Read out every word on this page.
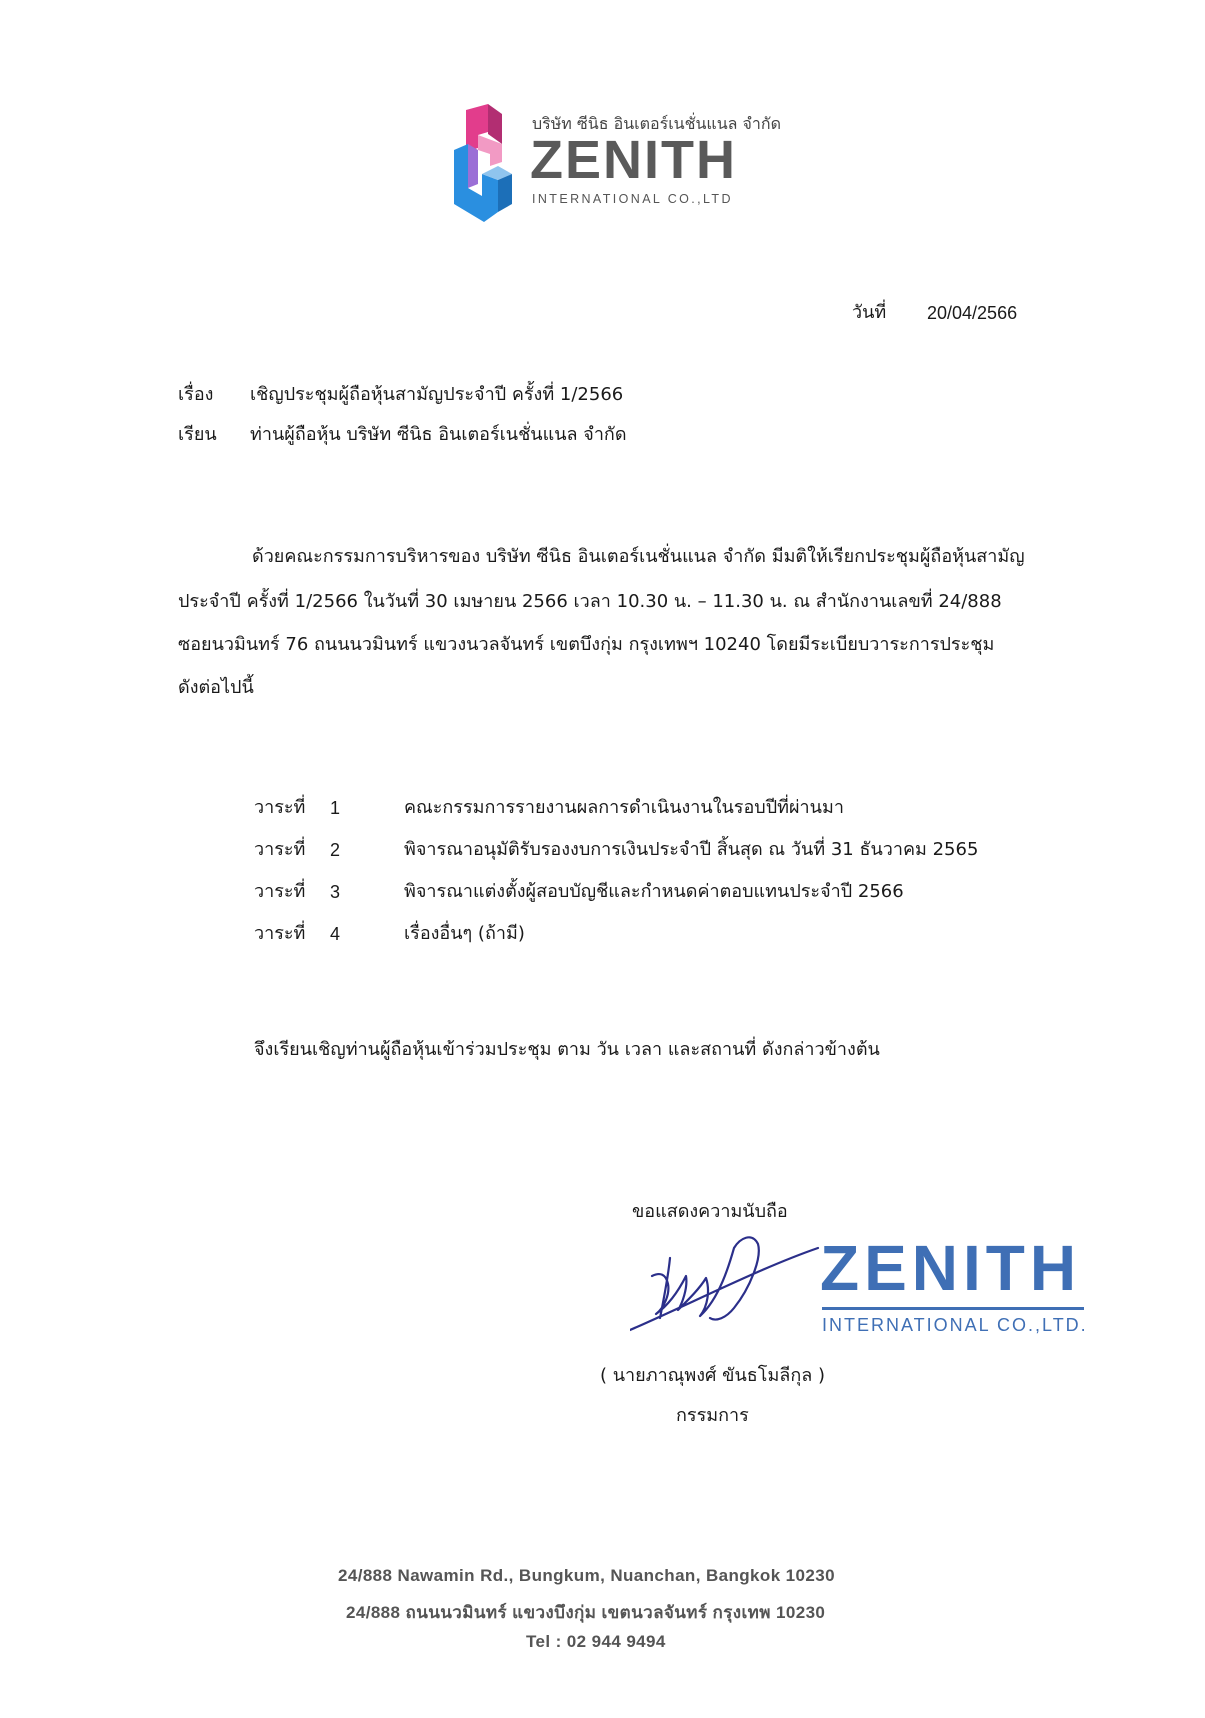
บริษัท ซีนิธ อินเตอร์เนชั่นแนล จำกัด
ZENITH
INTERNATIONAL CO.,LTD
วันที่ 20/04/2566
เรื่อง เชิญประชุมผู้ถือหุ้นสามัญประจำปี ครั้งที่ 1/2566
เรียน ท่านผู้ถือหุ้น บริษัท ซีนิธ อินเตอร์เนชั่นแนล จำกัด
ด้วยคณะกรรมการบริหารของ บริษัท ซีนิธ อินเตอร์เนชั่นแนล จำกัด มีมติให้เรียกประชุมผู้ถือหุ้นสามัญ
ประจำปี ครั้งที่ 1/2566 ในวันที่ 30 เมษายน 2566 เวลา 10.30 น. – 11.30 น. ณ สำนักงานเลขที่ 24/888
ซอยนวมินทร์ 76 ถนนนวมินทร์ แขวงนวลจันทร์ เขตบึงกุ่ม กรุงเทพฯ 10240 โดยมีระเบียบวาระการประชุม
ดังต่อไปนี้
วาระที่ 1	คณะกรรมการรายงานผลการดำเนินงานในรอบปีที่ผ่านมา
วาระที่ 2	พิจารณาอนุมัติรับรองงบการเงินประจำปี สิ้นสุด ณ วันที่ 31 ธันวาคม 2565
วาระที่ 3	พิจารณาแต่งตั้งผู้สอบบัญชีและกำหนดค่าตอบแทนประจำปี 2566
วาระที่ 4	เรื่องอื่นๆ (ถ้ามี)
จึงเรียนเชิญท่านผู้ถือหุ้นเข้าร่วมประชุม ตาม วัน เวลา และสถานที่ ดังกล่าวข้างต้น
ขอแสดงความนับถือ
ZENITH
INTERNATIONAL CO.,LTD.
( นายภาณุพงศ์ ขันธโมลีกุล )
กรรมการ
24/888 Nawamin Rd., Bungkum, Nuanchan, Bangkok 10230
24/888 ถนนนวมินทร์ แขวงบึงกุ่ม เขตนวลจันทร์ กรุงเทพ 10230
Tel : 02 944 9494
